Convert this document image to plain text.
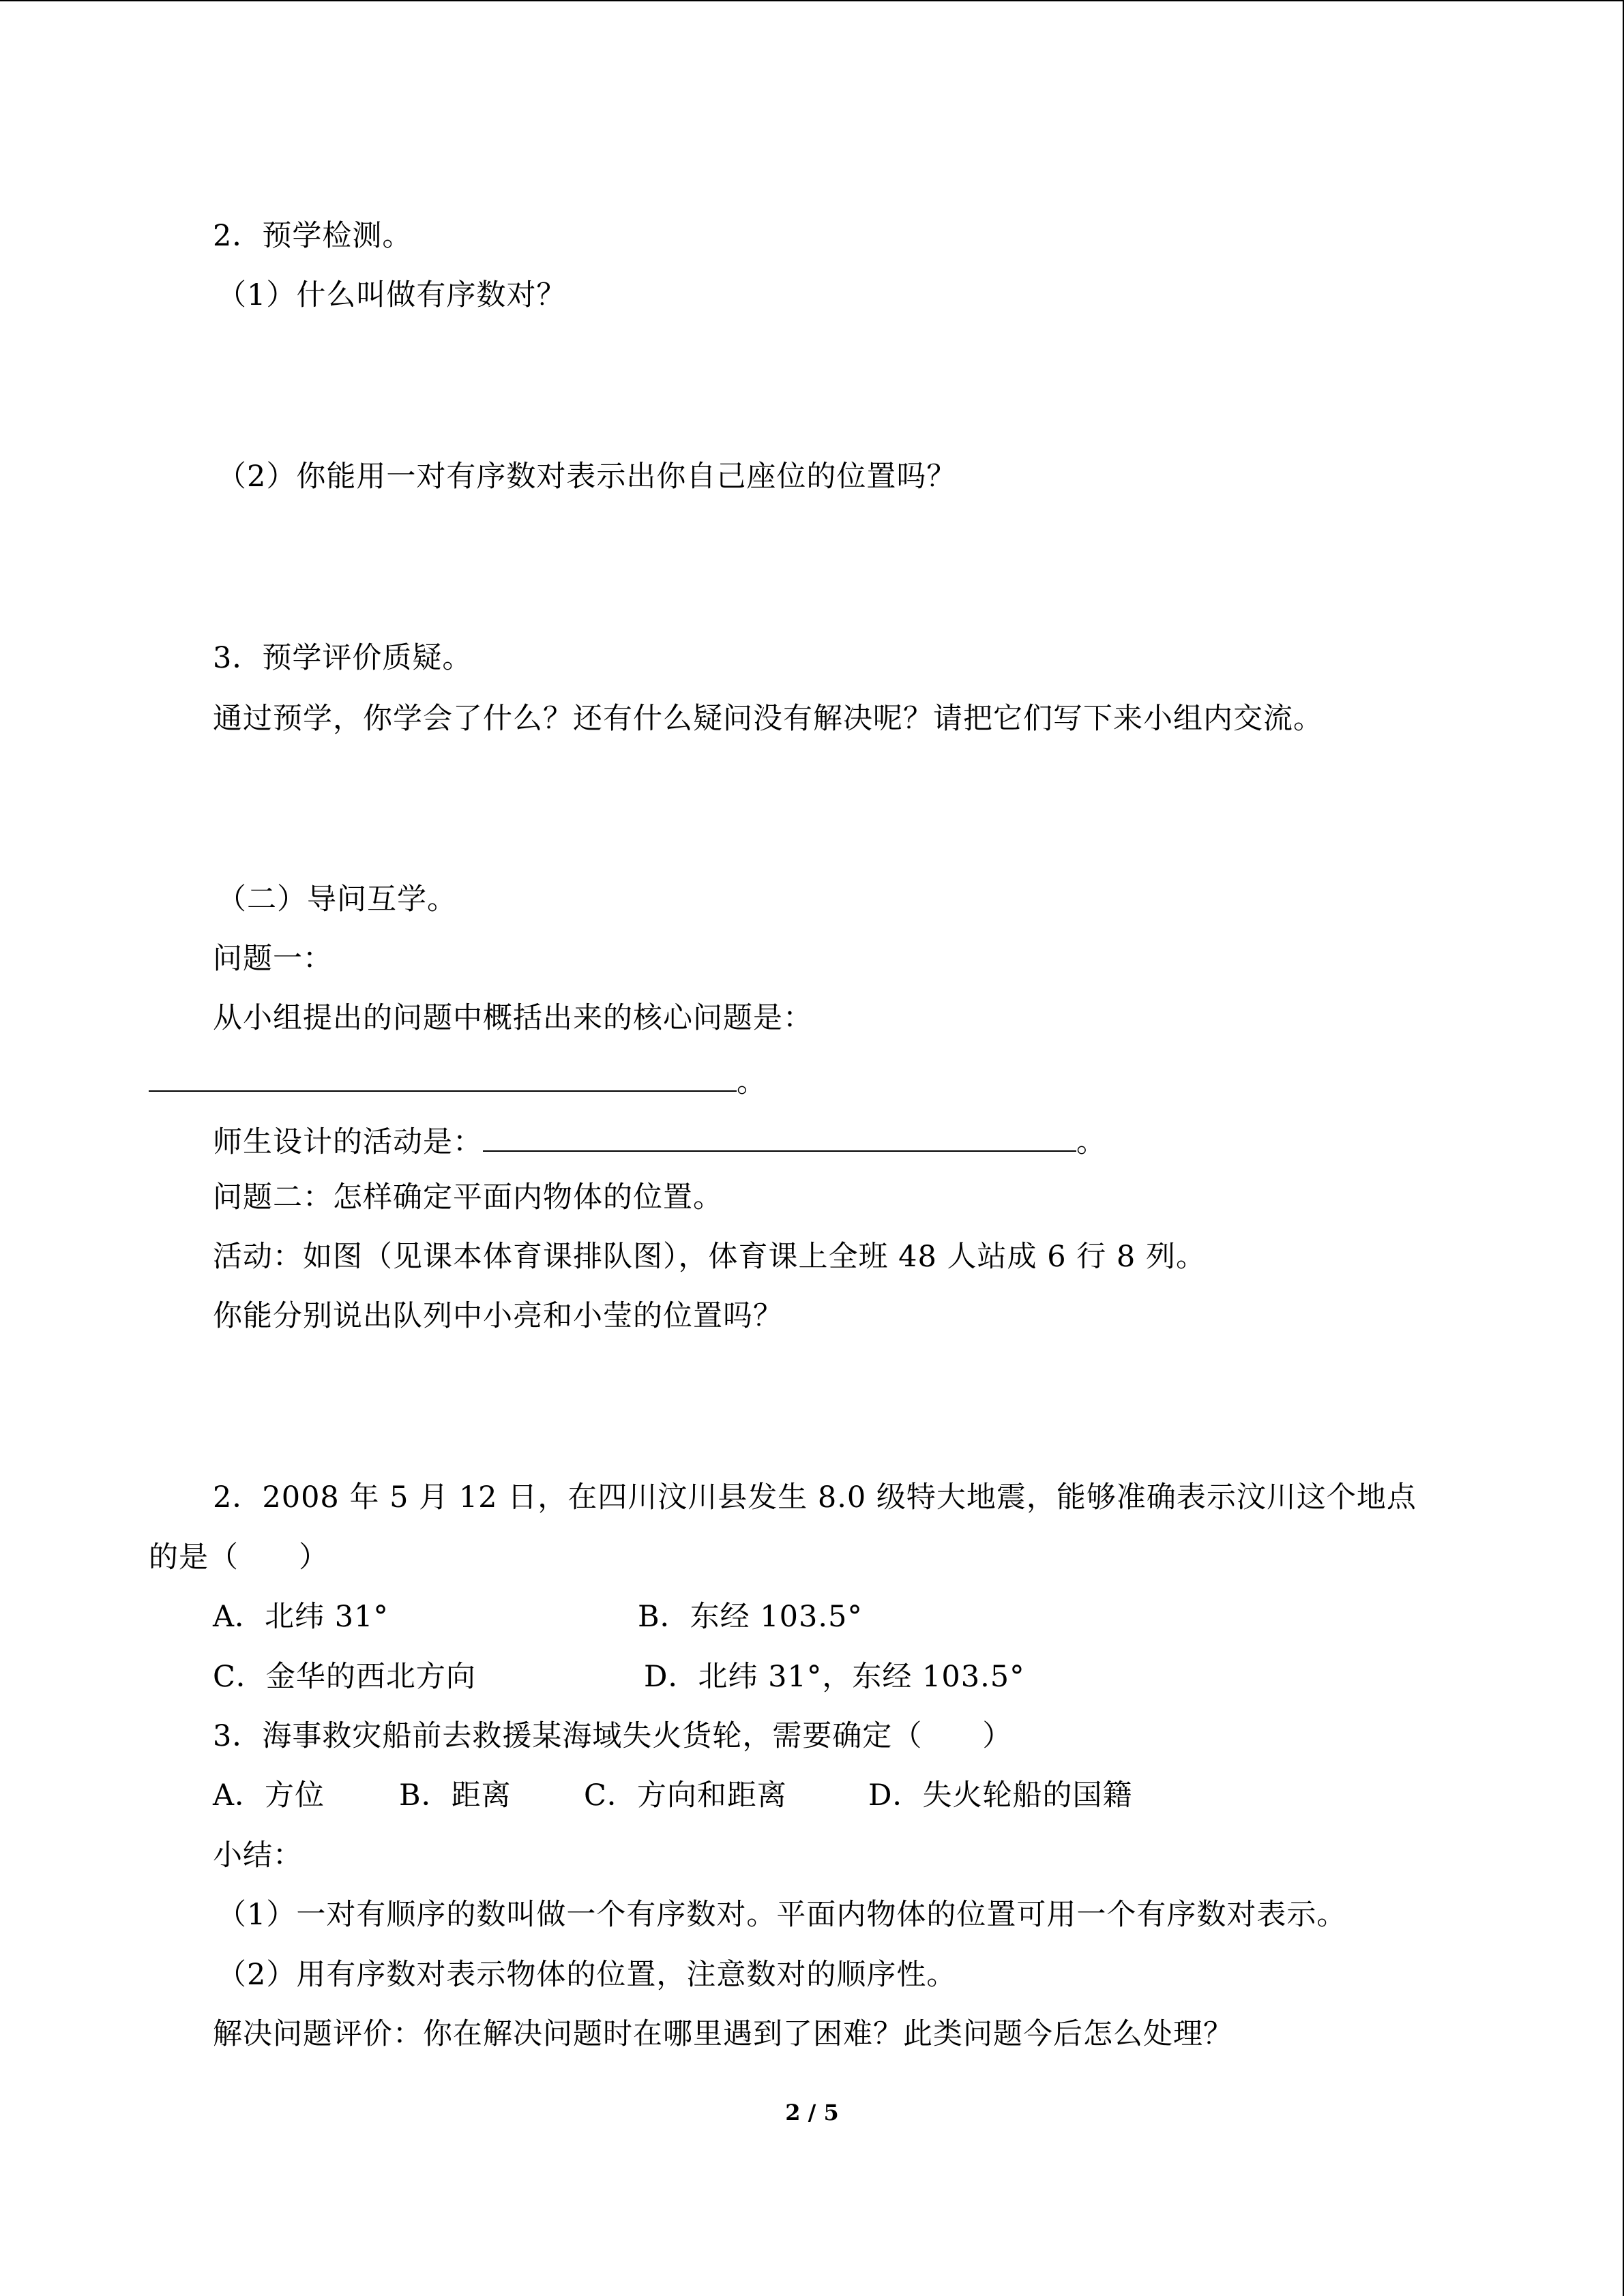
2．预学检测。
（1）什么叫做有序数对？
（2）你能用一对有序数对表示出你自己座位的位置吗？
3．预学评价质疑。
通过预学，你学会了什么？还有什么疑问没有解决呢？请把它们写下来小组内交流。
（二）导问互学。
问题一：
从小组提出的问题中概括出来的核心问题是：
。
师生设计的活动是：	。
问题二：怎样确定平面内物体的位置。
活动：如图（见课本体育课排队图），体育课上全班 48 人站成 6 行 8 列。
你能分别说出队列中小亮和小莹的位置吗？
2．2008 年 5 月 12 日，在四川汶川县发生 8.0 级特大地震，能够准确表示汶川这个地点
的是（　　）
A．北纬 31°	B．东经 103.5°
C．金华的西北方向	D．北纬 31°，东经 103.5°
3．海事救灾船前去救援某海域失火货轮，需要确定（　　）
A．方位	B．距离 C．方向和距离	D．失火轮船的国籍
小结：
（1）一对有顺序的数叫做一个有序数对。平面内物体的位置可用一个有序数对表示。
（2）用有序数对表示物体的位置，注意数对的顺序性。
解决问题评价：你在解决问题时在哪里遇到了困难？此类问题今后怎么处理？
2 / 5
